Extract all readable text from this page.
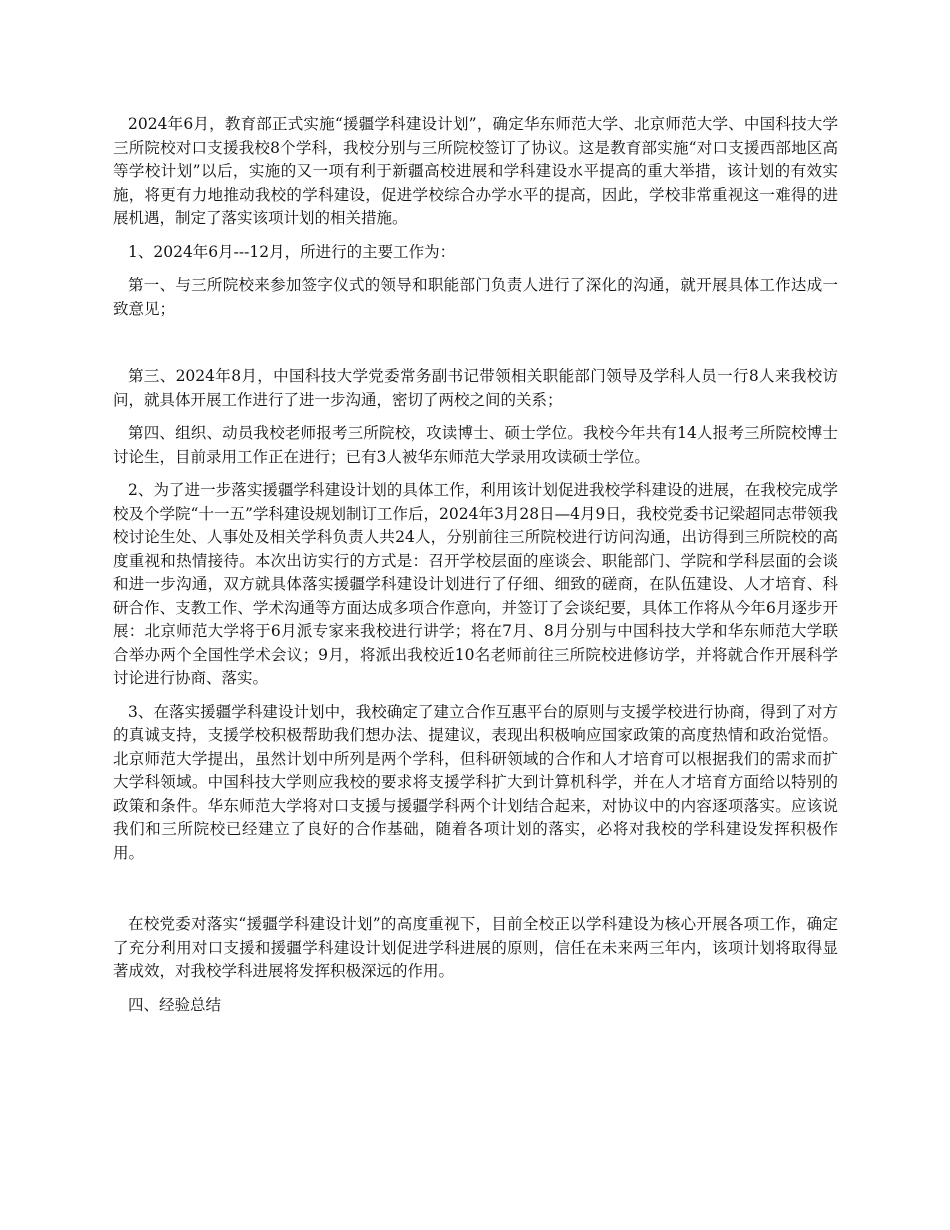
2024年6月，教育部正式实施“援疆学科建设计划”，确定华东师范大学、北京师范大学、中国科技大学三所院校对口支援我校8个学科，我校分别与三所院校签订了协议。这是教育部实施“对口支援西部地区高等学校计划”以后，实施的又一项有利于新疆高校进展和学科建设水平提高的重大举措，该计划的有效实施，将更有力地推动我校的学科建设，促进学校综合办学水平的提高，因此，学校非常重视这一难得的进展机遇，制定了落实该项计划的相关措施。

1、2024年6月---12月，所进行的主要工作为：

第一、与三所院校来参加签字仪式的领导和职能部门负责人进行了深化的沟通，就开展具体工作达成一致意见；

第三、2024年8月，中国科技大学党委常务副书记带领相关职能部门领导及学科人员一行8人来我校访问，就具体开展工作进行了进一步沟通，密切了两校之间的关系；

第四、组织、动员我校老师报考三所院校，攻读博士、硕士学位。我校今年共有14人报考三所院校博士讨论生，目前录用工作正在进行；已有3人被华东师范大学录用攻读硕士学位。

2、为了进一步落实援疆学科建设计划的具体工作，利用该计划促进我校学科建设的进展，在我校完成学校及个学院“十一五”学科建设规划制订工作后，2024年3月28日—4月9日，我校党委书记梁超同志带领我校讨论生处、人事处及相关学科负责人共24人，分别前往三所院校进行访问沟通，出访得到三所院校的高度重视和热情接待。本次出访实行的方式是：召开学校层面的座谈会、职能部门、学院和学科层面的会谈和进一步沟通，双方就具体落实援疆学科建设计划进行了仔细、细致的磋商，在队伍建设、人才培育、科研合作、支教工作、学术沟通等方面达成多项合作意向，并签订了会谈纪要，具体工作将从今年6月逐步开展：北京师范大学将于6月派专家来我校进行讲学；将在7月、8月分别与中国科技大学和华东师范大学联合举办两个全国性学术会议；9月，将派出我校近10名老师前往三所院校进修访学，并将就合作开展科学讨论进行协商、落实。

3、在落实援疆学科建设计划中，我校确定了建立合作互惠平台的原则与支援学校进行协商，得到了对方的真诚支持，支援学校积极帮助我们想办法、提建议，表现出积极响应国家政策的高度热情和政治觉悟。北京师范大学提出，虽然计划中所列是两个学科，但科研领域的合作和人才培育可以根据我们的需求而扩大学科领域。中国科技大学则应我校的要求将支援学科扩大到计算机科学，并在人才培育方面给以特别的政策和条件。华东师范大学将对口支援与援疆学科两个计划结合起来，对协议中的内容逐项落实。应该说我们和三所院校已经建立了良好的合作基础，随着各项计划的落实，必将对我校的学科建设发挥积极作用。

在校党委对落实“援疆学科建设计划”的高度重视下，目前全校正以学科建设为核心开展各项工作，确定了充分利用对口支援和援疆学科建设计划促进学科进展的原则，信任在未来两三年内，该项计划将取得显著成效，对我校学科进展将发挥积极深远的作用。

四、经验总结
